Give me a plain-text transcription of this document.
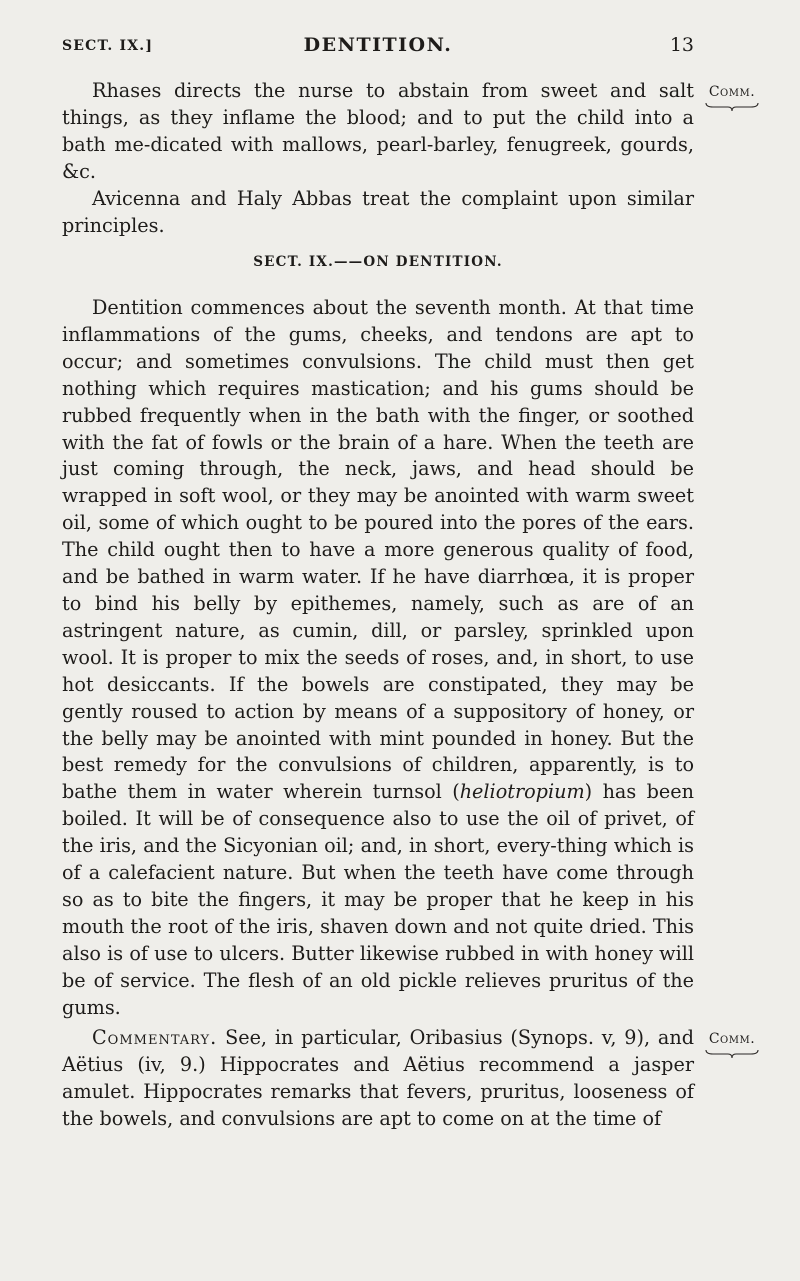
SECT. IX.]	DENTITION.	13

Rhases directs the nurse to abstain from sweet and salt things, as they inflame the blood; and to put the child into a bath me-dicated with mallows, pearl-barley, fenugreek, gourds, &c.

Avicenna and Haly Abbas treat the complaint upon similar principles.

Comm.
SECT. IX.——ON DENTITION.

Dentition commences about the seventh month. At that time inflammations of the gums, cheeks, and tendons are apt to occur; and sometimes convulsions. The child must then get nothing which requires mastication; and his gums should be rubbed frequently when in the bath with the finger, or soothed with the fat of fowls or the brain of a hare. When the teeth are just coming through, the neck, jaws, and head should be wrapped in soft wool, or they may be anointed with warm sweet oil, some of which ought to be poured into the pores of the ears. The child ought then to have a more generous quality of food, and be bathed in warm water. If he have diarrhœa, it is proper to bind his belly by epithemes, namely, such as are of an astringent nature, as cumin, dill, or parsley, sprinkled upon wool. It is proper to mix the seeds of roses, and, in short, to use hot desiccants. If the bowels are constipated, they may be gently roused to action by means of a suppository of honey, or the belly may be anointed with mint pounded in honey. But the best remedy for the convulsions of children, apparently, is to bathe them in water wherein turnsol (heliotropium) has been boiled. It will be of consequence also to use the oil of privet, of the iris, and the Sicyonian oil; and, in short, every-thing which is of a calefacient nature. But when the teeth have come through so as to bite the fingers, it may be proper that he keep in his mouth the root of the iris, shaven down and not quite dried. This also is of use to ulcers. Butter likewise rubbed in with honey will be of service. The flesh of an old pickle relieves pruritus of the gums.

Commentary. See, in particular, Oribasius (Synops. v, 9), and Aëtius (iv, 9.) Hippocrates and Aëtius recommend a jasper amulet. Hippocrates remarks that fevers, pruritus, looseness of the bowels, and convulsions are apt to come on at the time of

Comm.
